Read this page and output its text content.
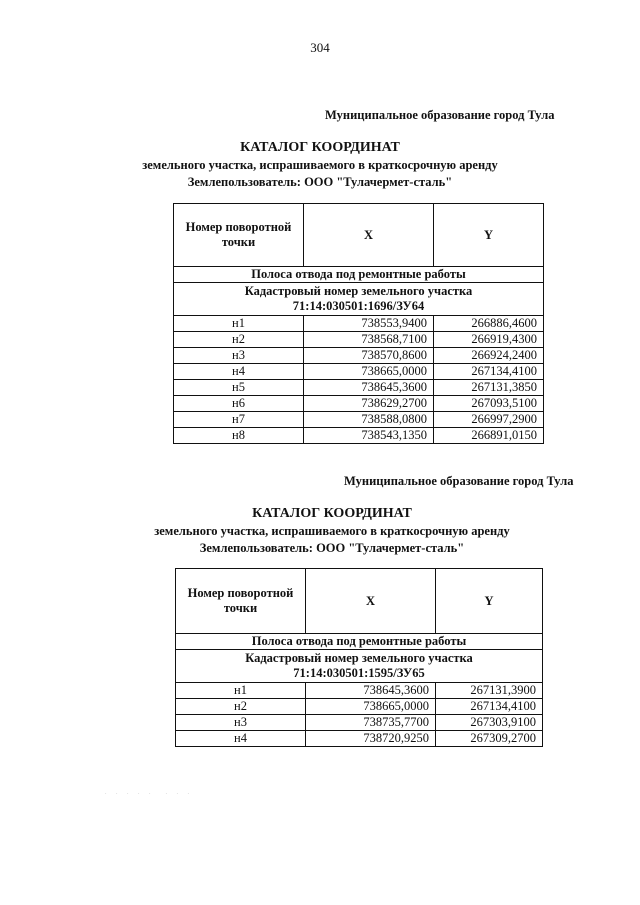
304
Муниципальное образование город Тула
КАТАЛОГ КООРДИНАТ
земельного участка, испрашиваемого в краткосрочную аренду
Землепользователь: ООО "Тулачермет-сталь"
Номер поворотной точки	X	Y
Полоса отвода под ремонтные работы		

Кадастровый номер земельного участка
71:14:030501:1696/ЗУ64		

н1	738553,9400	266886,4600
н2	738568,7100	266919,4300
н3	738570,8600	266924,2400
н4	738665,0000	267134,4100
н5	738645,3600	267131,3850
н6	738629,2700	267093,5100
н7	738588,0800	266997,2900
н8	738543,1350	266891,0150
Муниципальное образование город Тула
КАТАЛОГ КООРДИНАТ
земельного участка, испрашиваемого в краткосрочную аренду
Землепользователь: ООО "Тулачермет-сталь"
Номер поворотной точки	X	Y
Полоса отвода под ремонтные работы		

Кадастровый номер земельного участка
71:14:030501:1595/ЗУ65		

н1	738645,3600	267131,3900
н2	738665,0000	267134,4100
н3	738735,7700	267303,9100
н4	738720,9250	267309,2700
. . . . .  . . .
